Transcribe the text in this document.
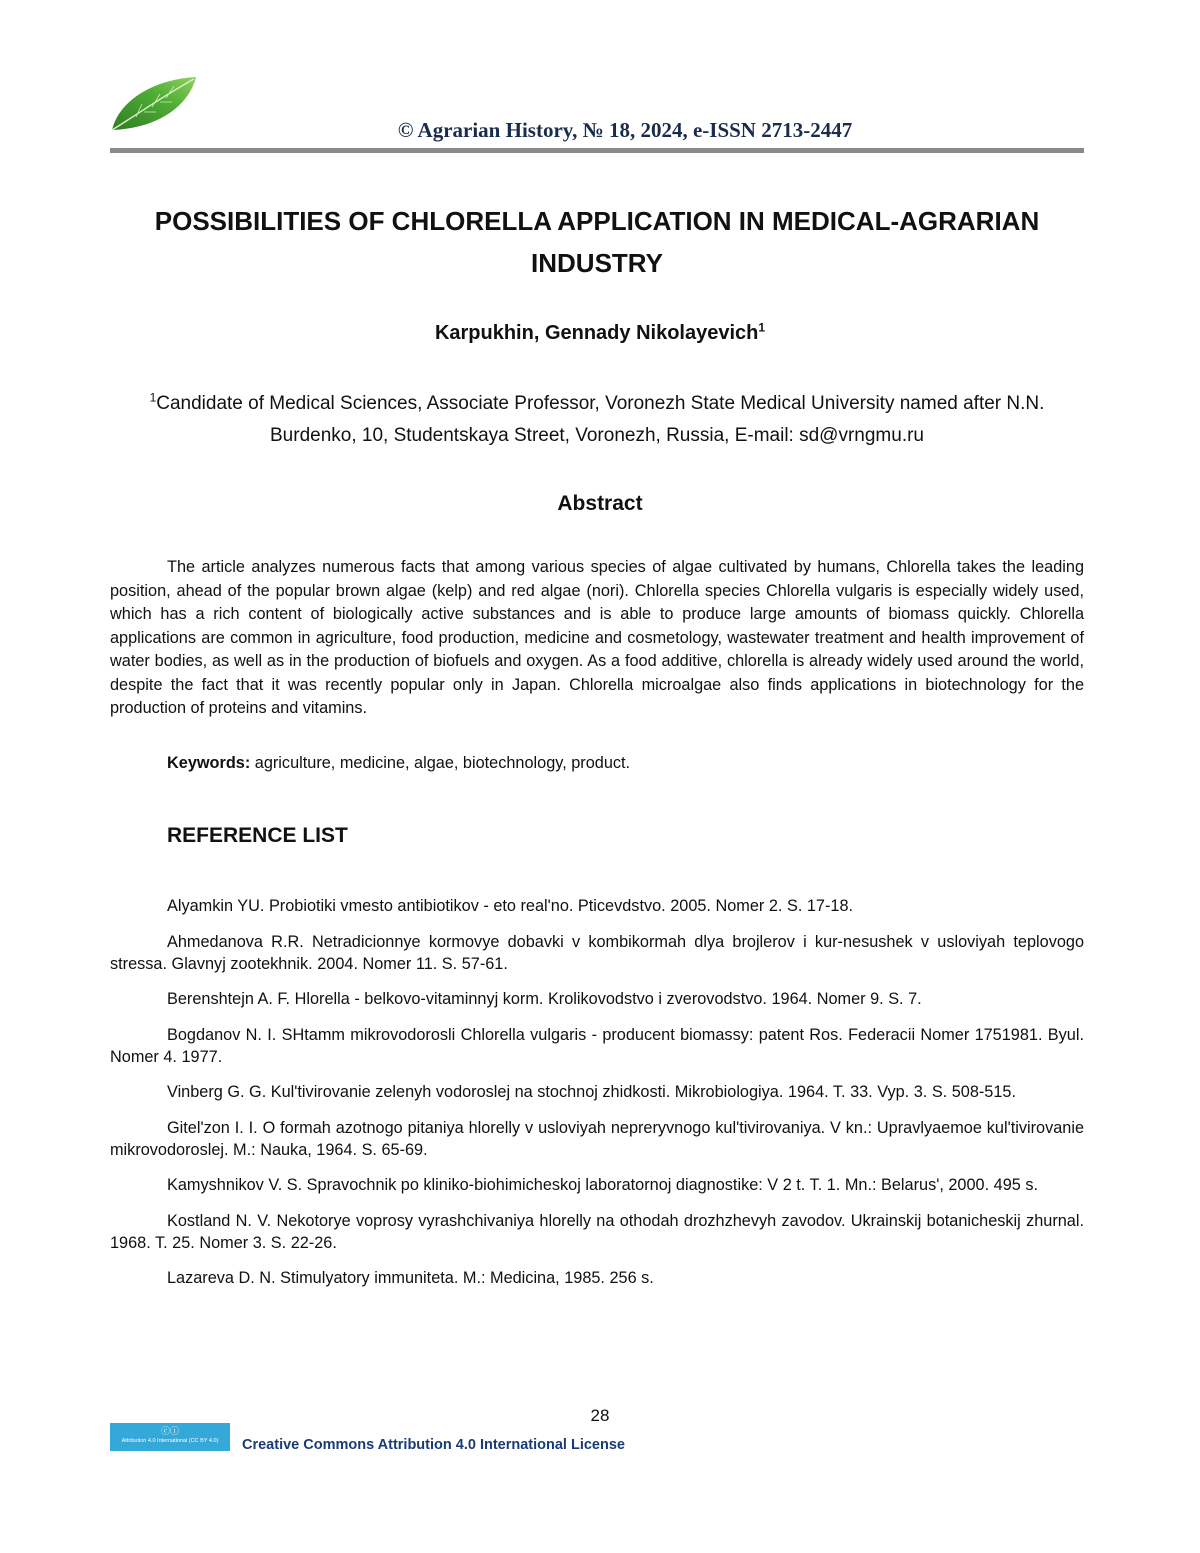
© Agrarian History, № 18, 2024, e-ISSN 2713-2447
POSSIBILITIES OF CHLORELLA APPLICATION IN MEDICAL-AGRARIAN INDUSTRY
Karpukhin, Gennady Nikolayevich$^1$
$^1$Candidate of Medical Sciences, Associate Professor, Voronezh State Medical University named after N.N. Burdenko, 10, Studentskaya Street, Voronezh, Russia, E-mail: sd@vrngmu.ru
Abstract

The article analyzes numerous facts that among various species of algae cultivated by humans, Chlorella takes the leading position, ahead of the popular brown algae (kelp) and red algae (nori). Chlorella species Chlorella vulgaris is especially widely used, which has a rich content of biologically active substances and is able to produce large amounts of biomass quickly. Chlorella applications are common in agriculture, food production, medicine and cosmetology, wastewater treatment and health improvement of water bodies, as well as in the production of biofuels and oxygen. As a food additive, chlorella is already widely used around the world, despite the fact that it was recently popular only in Japan. Chlorella microalgae also finds applications in biotechnology for the production of proteins and vitamins.

Keywords: agriculture, medicine, algae, biotechnology, product.
REFERENCE LIST
Alyamkin YU. Probiotiki vmesto antibiotikov - eto real'no. Pticevdstvo. 2005. Nomer 2. S. 17-18.
Ahmedanova R.R. Netradicionnye kormovye dobavki v kombikormah dlya brojlerov i kur-nesushek v usloviyah teplovogo stressa. Glavnyj zootekhnik. 2004. Nomer 11. S. 57-61.
Berenshtejn A. F. Hlorella - belkovo-vitaminnyj korm. Krolikovodstvo i zverovodstvo. 1964. Nomer 9. S. 7.
Bogdanov N. I. SHtamm mikrovodorosli Chlorella vulgaris - producent biomassy: patent Ros. Federacii Nomer 1751981. Byul. Nomer 4. 1977.
Vinberg G. G. Kul'tivirovanie zelenyh vodoroslej na stochnoj zhidkosti. Mikrobiologiya. 1964. T. 33. Vyp. 3. S. 508-515.
Gitel'zon I. I. O formah azotnogo pitaniya hlorelly v usloviyah nepreryvnogo kul'tivirovaniya. V kn.: Upravlyaemoe kul'tivirovanie mikrovodoroslej. M.: Nauka, 1964. S. 65-69.
Kamyshnikov V. S. Spravochnik po kliniko-biohimicheskoj laboratornoj diagnostike: V 2 t. T. 1. Mn.: Belarus', 2000. 495 s.
Kostland N. V. Nekotorye voprosy vyrashchivaniya hlorelly na othodah drozhzhevyh zavodov. Ukrainskij botanicheskij zhurnal. 1968. T. 25. Nomer 3. S. 22-26.
Lazareva D. N. Stimulyatory immuniteta. M.: Medicina, 1985. 256 s.
28
ⓒⓘ
Attribution 4.0 International (CC BY 4.0)	Creative Commons Attribution 4.0 International License
